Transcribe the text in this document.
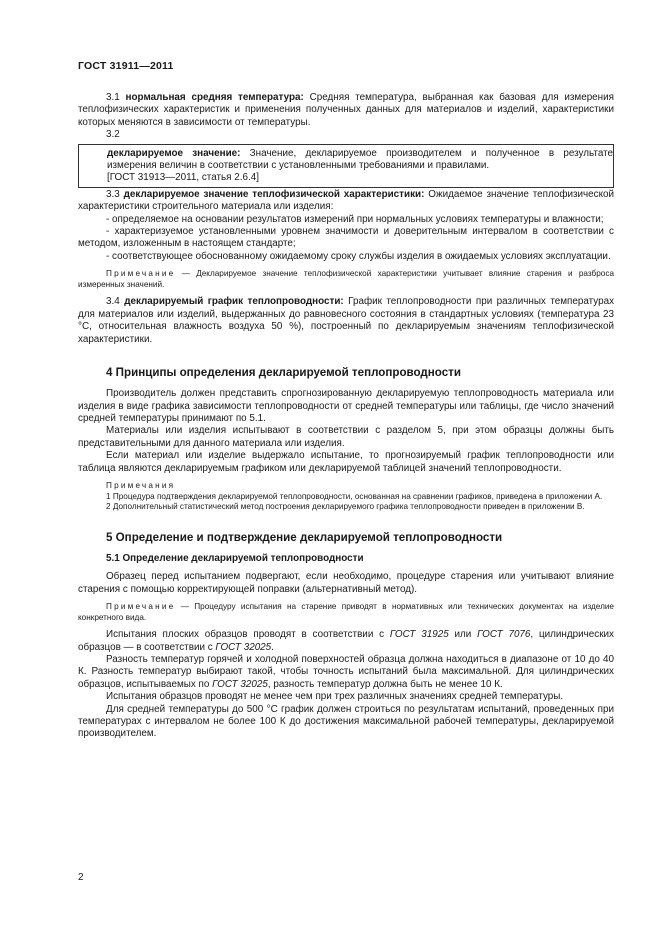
ГОСТ 31911—2011

3.1 нормальная средняя температура: Средняя температура, выбранная как базовая для измерения теплофизических характеристик и применения полученных данных для материалов и изделий, характеристики которых меняются в зависимости от температуры.

3.2

декларируемое значение: Значение, декларируемое производителем и полученное в результате измерения величин в соответствии с установленными требованиями и правилами.

[ГОСТ 31913—2011, статья 2.6.4]

3.3 декларируемое значение теплофизической характеристики: Ожидаемое значение теплофизической характеристики строительного материала или изделия:

- определяемое на основании результатов измерений при нормальных условиях температуры и влажности;

- характеризуемое установленными уровнем значимости и доверительным интервалом в соответствии с методом, изложенным в настоящем стандарте;

- соответствующее обоснованному ожидаемому сроку службы изделия в ожидаемых условиях эксплуатации.

Примечание — Декларируемое значение теплофизической характеристики учитывает влияние старения и разброса измеренных значений.

3.4 декларируемый график теплопроводности: График теплопроводности при различных температурах для материалов или изделий, выдержанных до равновесного состояния в стандартных условиях (температура 23 °С, относительная влажность воздуха 50 %), построенный по декларируемым значениям теплофизической характеристики.

4 Принципы определения декларируемой теплопроводности

Производитель должен представить спрогнозированную декларируемую теплопроводность материала или изделия в виде графика зависимости теплопроводности от средней температуры или таблицы, где число значений средней температуры принимают по 5.1.

Материалы или изделия испытывают в соответствии с разделом 5, при этом образцы должны быть представительными для данного материала или изделия.

Если материал или изделие выдержало испытание, то прогнозируемый график теплопроводности или таблица являются декларируемым графиком или декларируемой таблицей значений теплопроводности.

Примечания

1 Процедура подтверждения декларируемой теплопроводности, основанная на сравнении графиков, приведена в приложении А.

2 Дополнительный статистический метод построения декларируемого графика теплопроводности приведен в приложении В.

5 Определение и подтверждение декларируемой теплопроводности
5.1 Определение декларируемой теплопроводности

Образец перед испытанием подвергают, если необходимо, процедуре старения или учитывают влияние старения с помощью корректирующей поправки (альтернативный метод).

Примечание — Процедуру испытания на старение приводят в нормативных или технических документах на изделие конкретного вида.

Испытания плоских образцов проводят в соответствии с ГОСТ 31925 или ГОСТ 7076, цилиндрических образцов — в соответствии с ГОСТ 32025.

Разность температур горячей и холодной поверхностей образца должна находиться в диапазоне от 10 до 40 К. Разность температур выбирают такой, чтобы точность испытаний была максимальной. Для цилиндрических образцов, испытываемых по ГОСТ 32025, разность температур должна быть не менее 10 К.

Испытания образцов проводят не менее чем при трех различных значениях средней температуры.

Для средней температуры до 500 °С график должен строиться по результатам испытаний, проведенных при температурах с интервалом не более 100 К до достижения максимальной рабочей температуры, декларируемой производителем.

2
